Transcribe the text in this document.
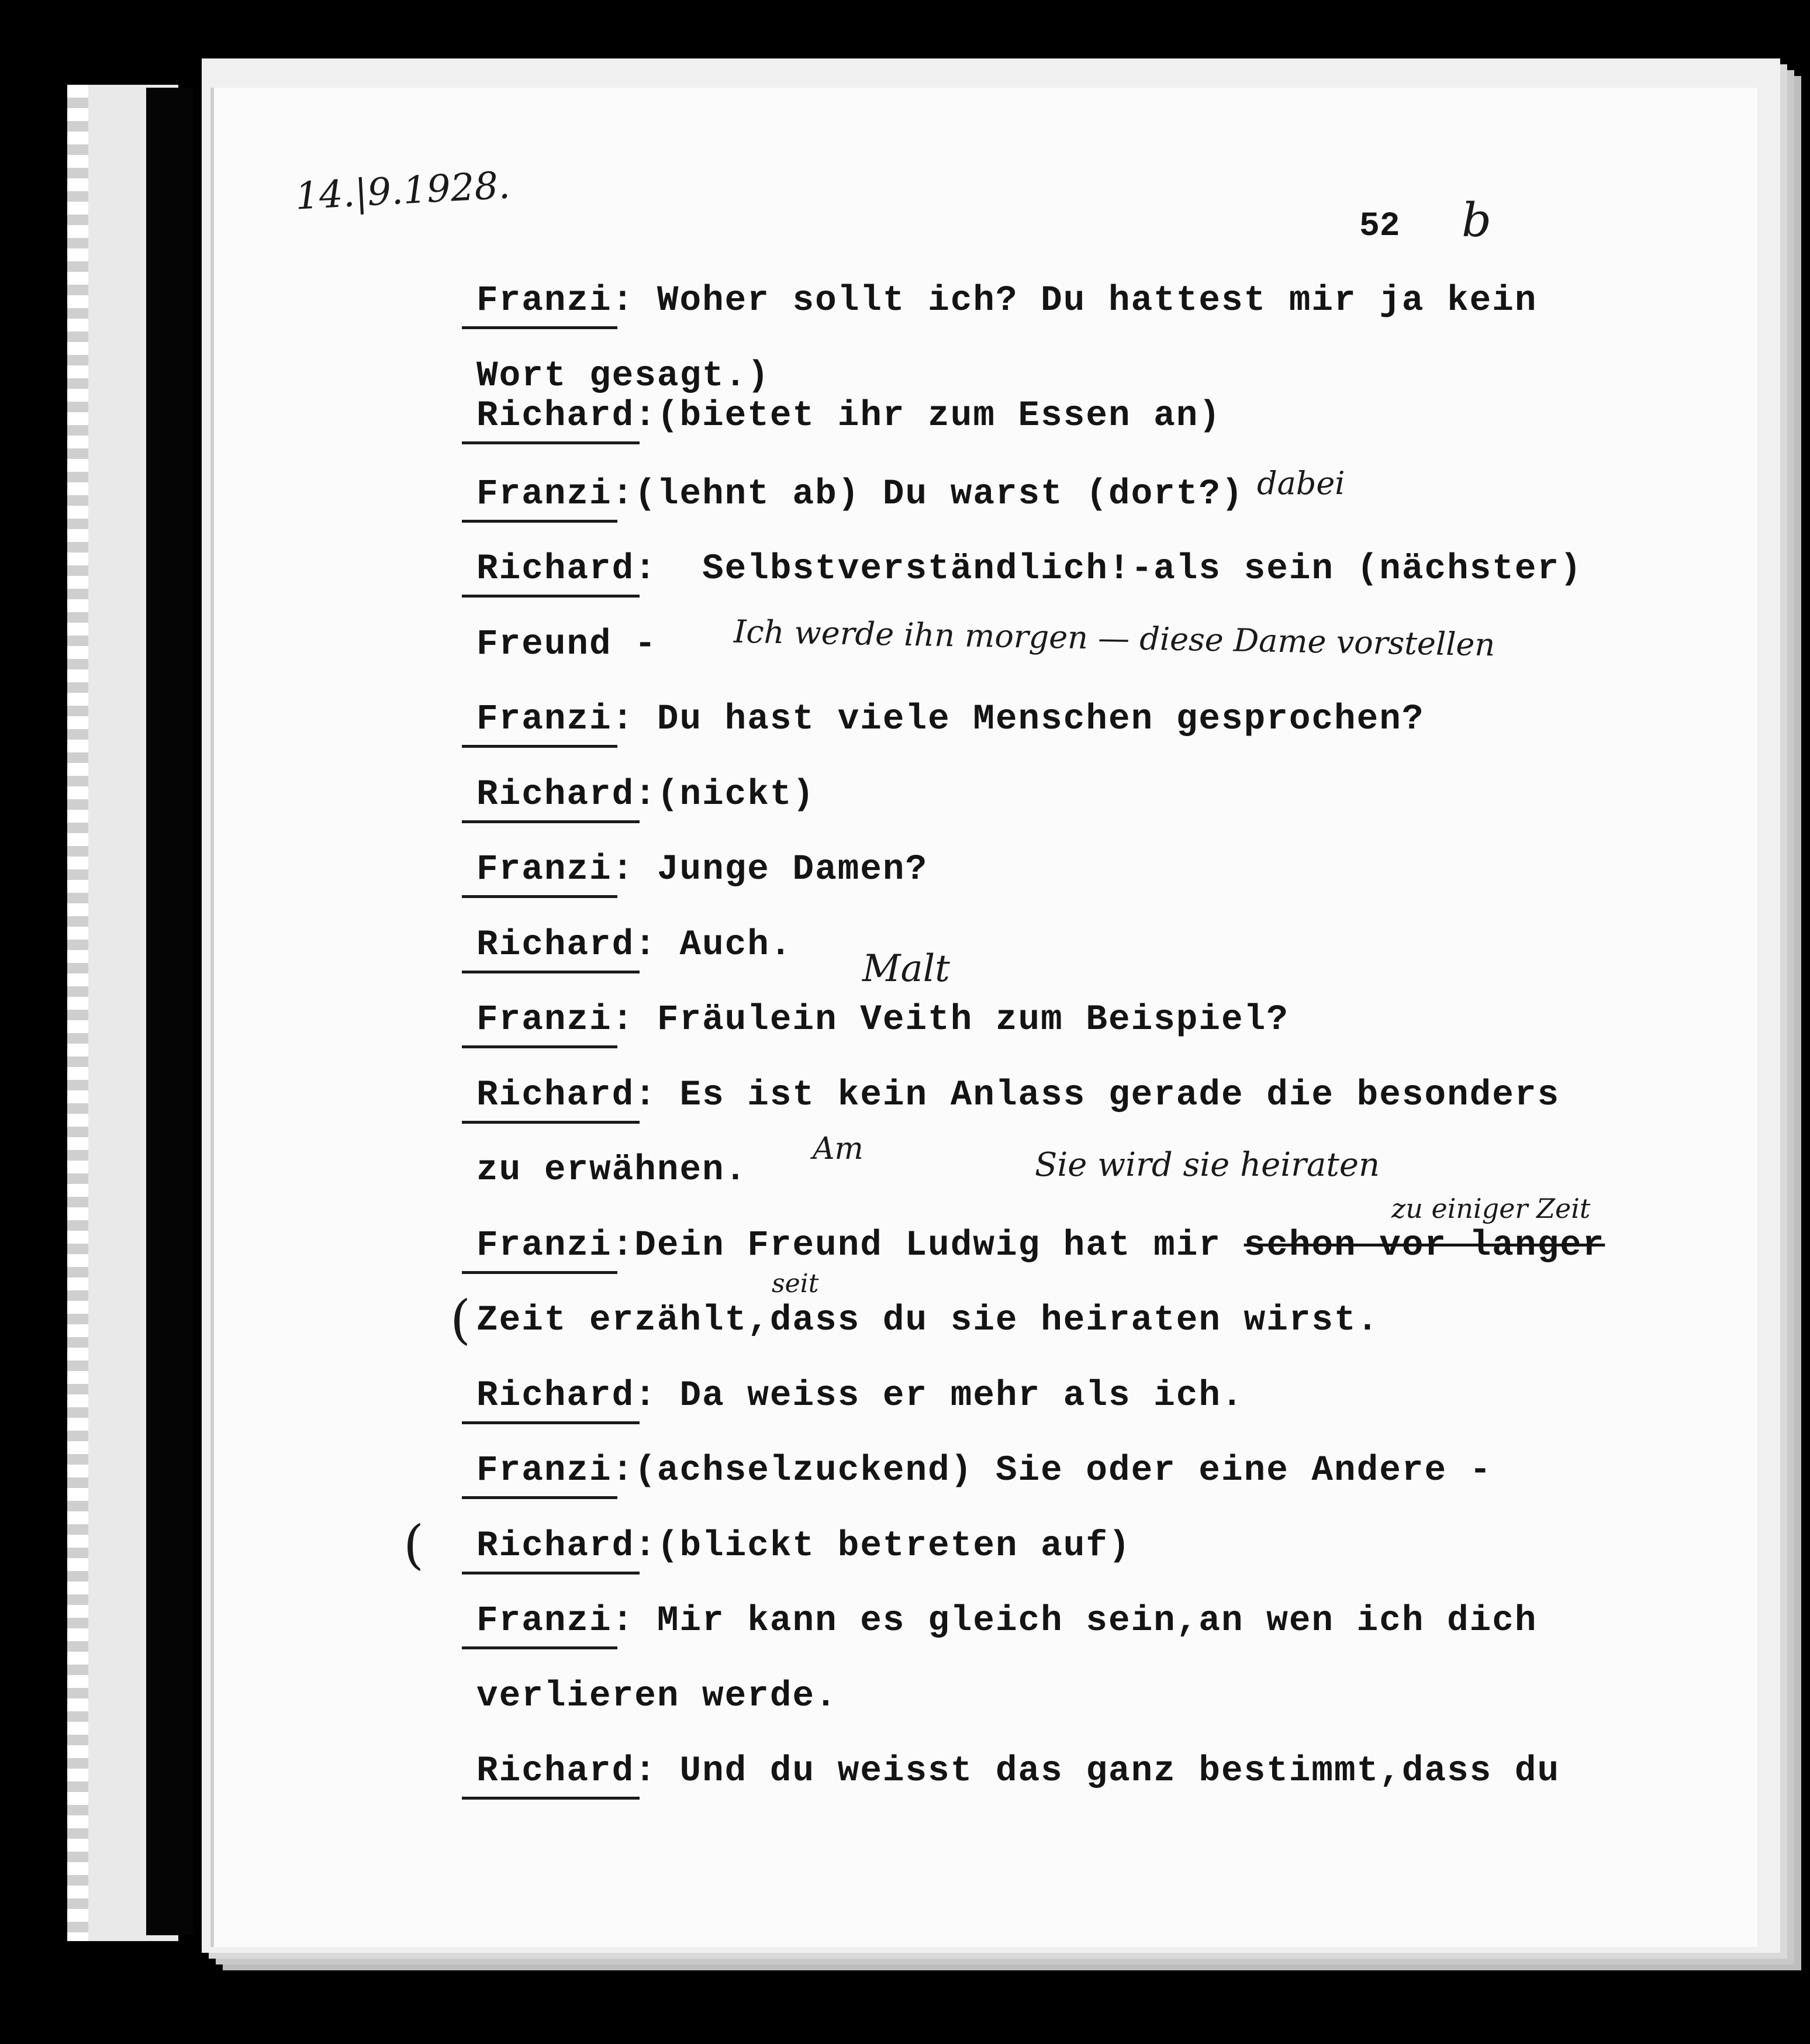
14.|9.1928.
52 b
Franzi: Woher sollt ich? Du hattest mir ja kein
Wort gesagt.)
Richard:(bietet ihr zum Essen an)
Franzi:(lehnt ab) Du warst (dort?)
Richard:  Selbstverständlich!-als sein (nächster)
Freund -
Franzi: Du hast viele Menschen gesprochen?
Richard:(nickt)
Franzi: Junge Damen?
Richard: Auch.
Franzi: Fräulein Veith zum Beispiel?
Richard: Es ist kein Anlass gerade die besonders
zu erwähnen.
Franzi:Dein Freund Ludwig hat mir schon vor langer
Zeit erzählt,dass du sie heiraten wirst.
Richard: Da weiss er mehr als ich.
Franzi:(achselzuckend) Sie oder eine Andere -
Richard:(blickt betreten auf)
Franzi: Mir kann es gleich sein,an wen ich dich
verlieren werde.
Richard: Und du weisst das ganz bestimmt,dass du
dabei
Ich werde ihn morgen — diese Dame vorstellen
Malt
Am	Sie wird sie heiraten
zu einiger Zeit
seit
(
(
